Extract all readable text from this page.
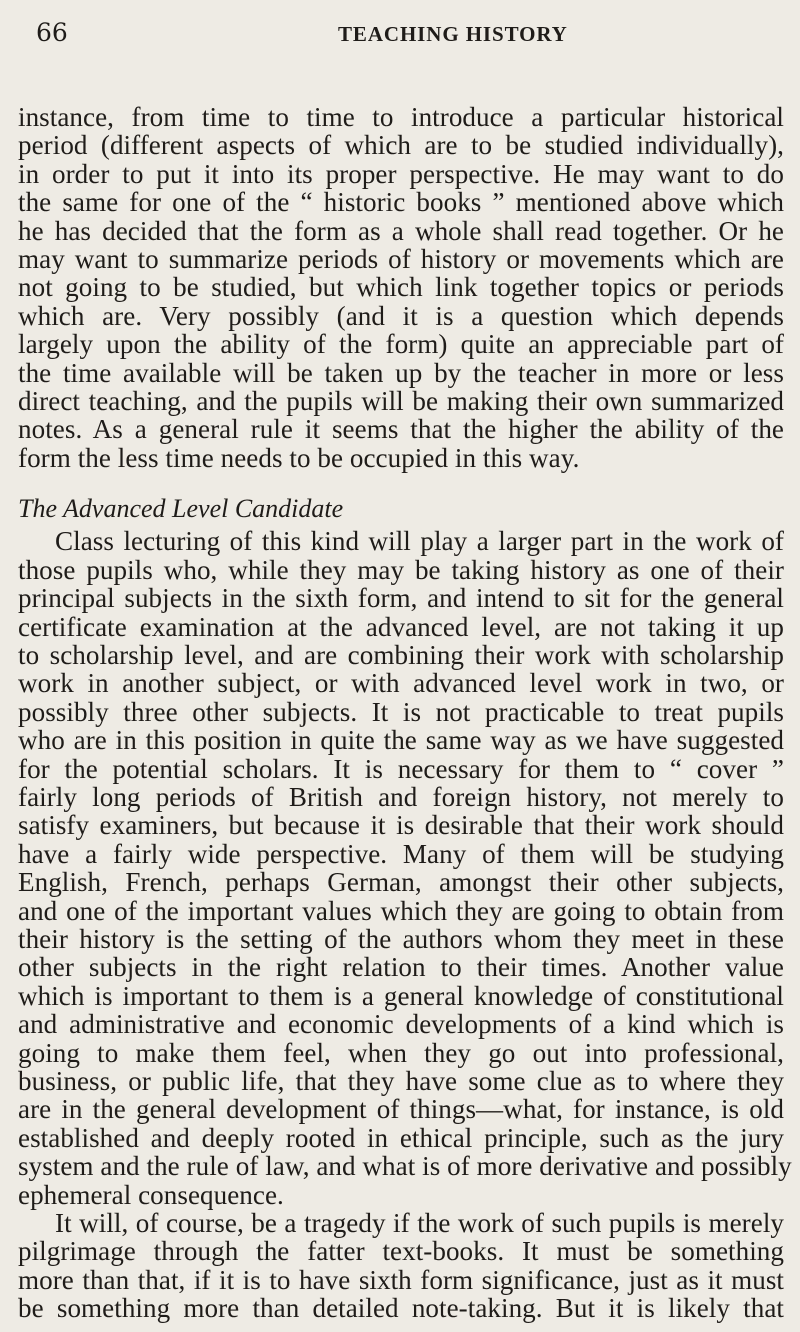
66	TEACHING HISTORY
instance, from time to time to introduce a particular historical
period (different aspects of which are to be studied individually),
in order to put it into its proper perspective. He may want to do
the same for one of the “ historic books ” mentioned above which
he has decided that the form as a whole shall read together. Or he
may want to summarize periods of history or movements which are
not going to be studied, but which link together topics or periods
which are. Very possibly (and it is a question which depends
largely upon the ability of the form) quite an appreciable part of
the time available will be taken up by the teacher in more or less
direct teaching, and the pupils will be making their own summarized
notes. As a general rule it seems that the higher the ability of the
form the less time needs to be occupied in this way.
The Advanced Level Candidate
Class lecturing of this kind will play a larger part in the work of
those pupils who, while they may be taking history as one of their
principal subjects in the sixth form, and intend to sit for the general
certificate examination at the advanced level, are not taking it up
to scholarship level, and are combining their work with scholarship
work in another subject, or with advanced level work in two, or
possibly three other subjects. It is not practicable to treat pupils
who are in this position in quite the same way as we have suggested
for the potential scholars. It is necessary for them to “ cover ”
fairly long periods of British and foreign history, not merely to
satisfy examiners, but because it is desirable that their work should
have a fairly wide perspective. Many of them will be studying
English, French, perhaps German, amongst their other subjects,
and one of the important values which they are going to obtain from
their history is the setting of the authors whom they meet in these
other subjects in the right relation to their times. Another value
which is important to them is a general knowledge of constitutional
and administrative and economic developments of a kind which is
going to make them feel, when they go out into professional,
business, or public life, that they have some clue as to where they
are in the general development of things—what, for instance, is old
established and deeply rooted in ethical principle, such as the jury
system and the rule of law, and what is of more derivative and possibly
ephemeral consequence.
It will, of course, be a tragedy if the work of such pupils is merely
pilgrimage through the fatter text-books. It must be something
more than that, if it is to have sixth form significance, just as it must
be something more than detailed note-taking. But it is likely that
